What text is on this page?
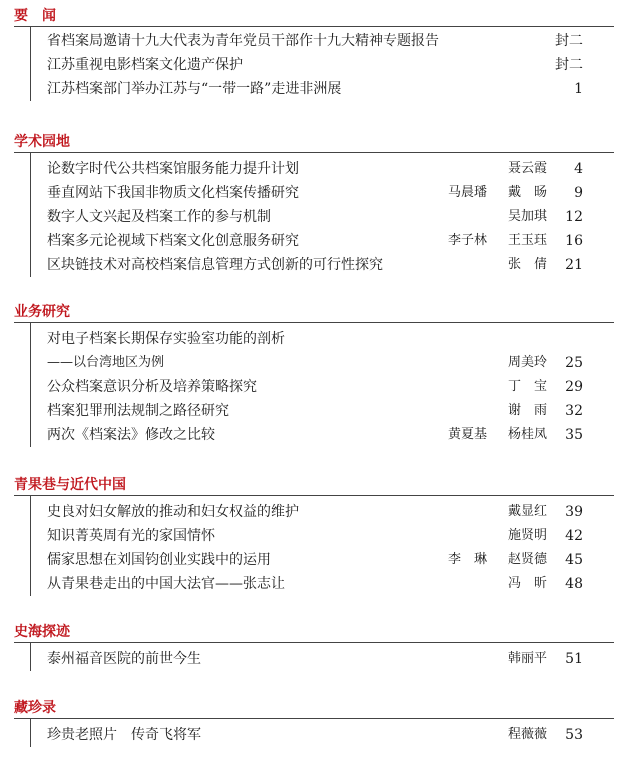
要　闻
省档案局邀请十九大代表为青年党员干部作十九大精神专题报告	封二
江苏重视电影档案文化遗产保护	封二
江苏档案部门举办江苏与“一带一路”走进非洲展	1
学术园地
论数字时代公共档案馆服务能力提升计划	聂云霞	4
垂直网站下我国非物质文化档案传播研究	马晨璠 戴　旸	9
数字人文兴起及档案工作的参与机制	吴加琪	12
档案多元论视域下档案文化创意服务研究	李子林 王玉珏	16
区块链技术对高校档案信息管理方式创新的可行性探究	张　倩	21
业务研究
对电子档案长期保存实验室功能的剖析
——以台湾地区为例	周美玲	25
公众档案意识分析及培养策略探究	丁　宝	29
档案犯罪刑法规制之路径研究	谢　雨	32
两次《档案法》修改之比较	黄夏基 杨桂凤	35
青果巷与近代中国
史良对妇女解放的推动和妇女权益的维护	戴显红	39
知识菁英周有光的家国情怀	施贤明	42
儒家思想在刘国钧创业实践中的运用	李　琳 赵贤德	45
从青果巷走出的中国大法官——张志让	冯　昕	48
史海探迹
泰州福音医院的前世今生	韩丽平	51
藏珍录
珍贵老照片　传奇飞将军	程薇薇	53
